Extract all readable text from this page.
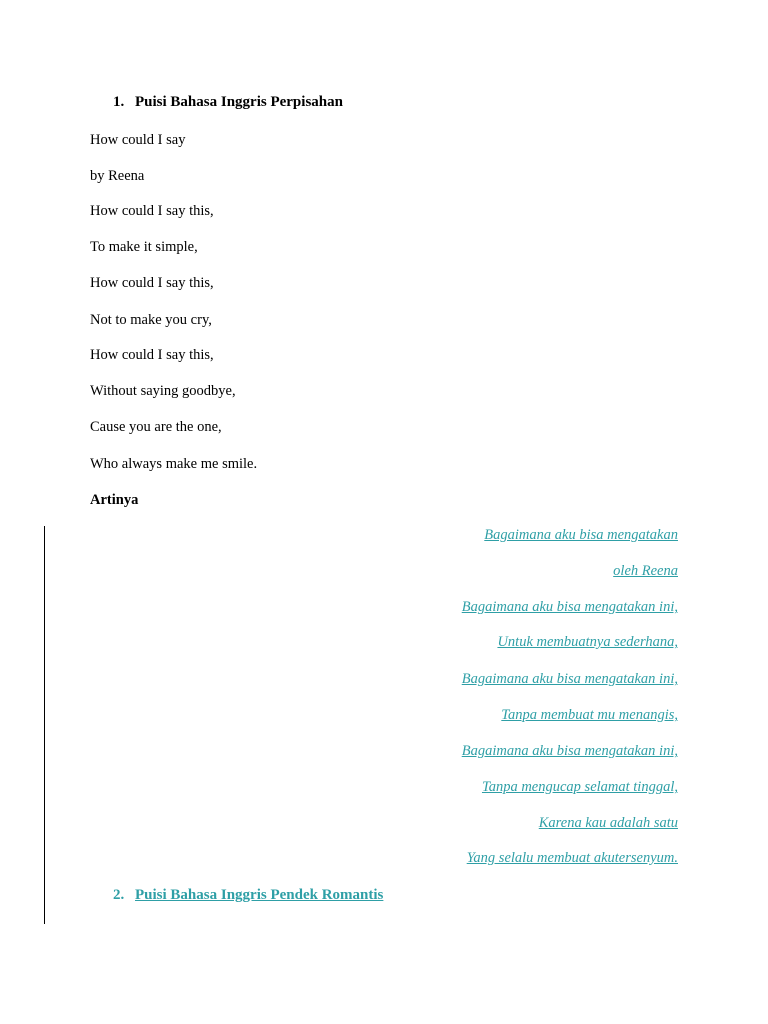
1. Puisi Bahasa Inggris Perpisahan
How could I say
by Reena
How could I say this,
To make it simple,
How could I say this,
Not to make you cry,
How could I say this,
Without saying goodbye,
Cause you are the one,
Who always make me smile.
Artinya
Bagaimana aku bisa mengatakan
oleh Reena
Bagaimana aku bisa mengatakan ini,
Untuk membuatnya sederhana,
Bagaimana aku bisa mengatakan ini,
Tanpa membuat mu menangis,
Bagaimana aku bisa mengatakan ini,
Tanpa mengucap selamat tinggal,
Karena kau adalah satu
Yang selalu membuat akutersenyum.
2. Puisi Bahasa Inggris Pendek Romantis
